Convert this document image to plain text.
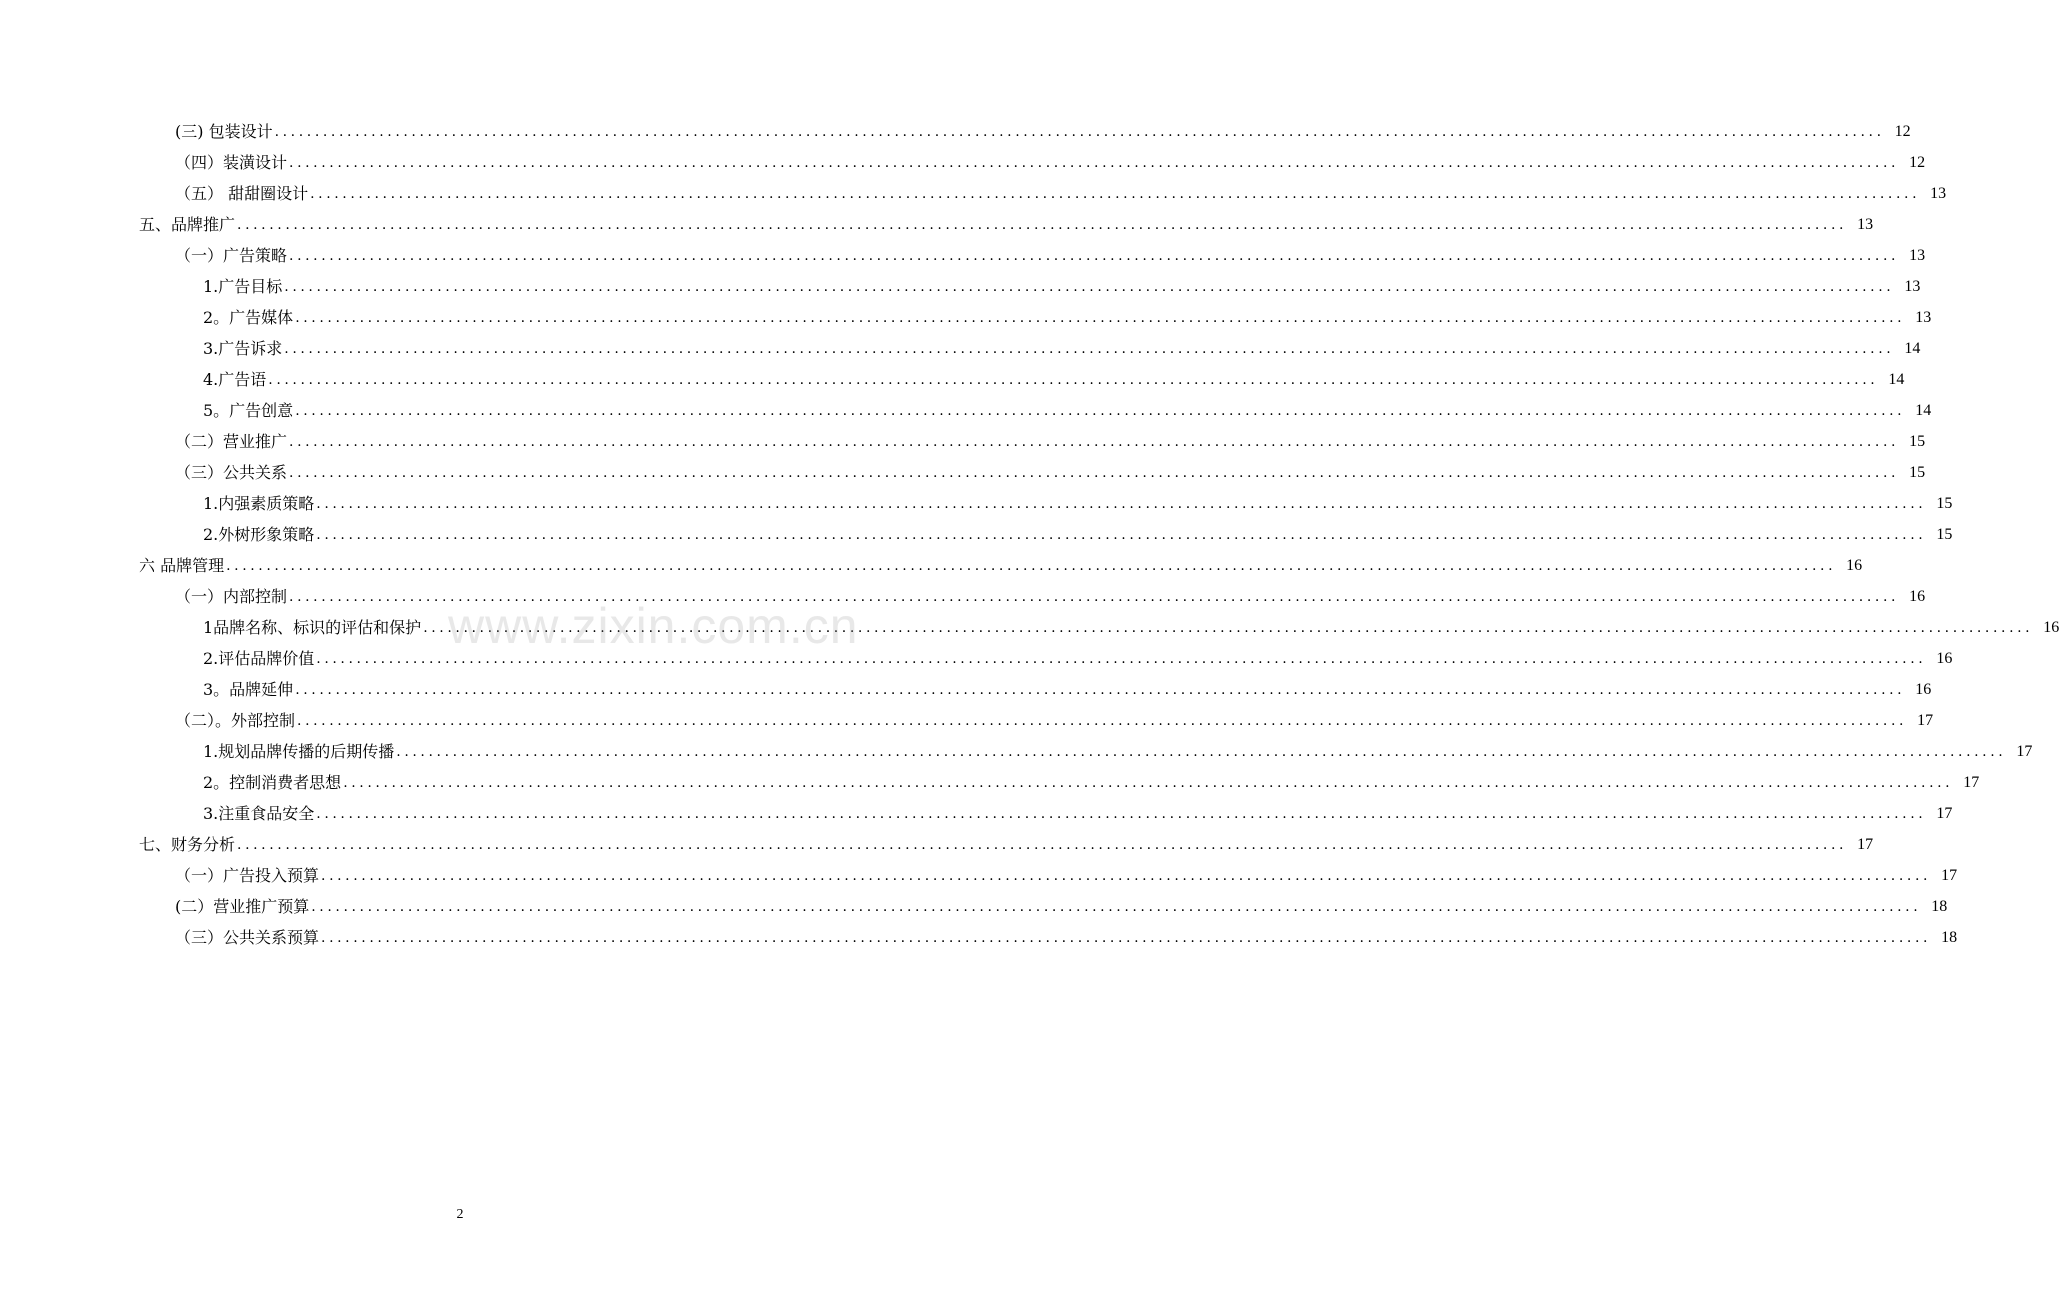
(三) 包装设计 ........................................................................................................................................................................................................ 12
（四）装潢设计 ........................................................................................................................................................................................................ 12
（五） 甜甜圈设计 ........................................................................................................................................................................................................ 13
五、品牌推广 ........................................................................................................................................................................................................ 13
（一）广告策略 ........................................................................................................................................................................................................ 13
1.广告目标 ........................................................................................................................................................................................................ 13
2。广告媒体 ........................................................................................................................................................................................................ 13
3.广告诉求 ........................................................................................................................................................................................................ 14
4.广告语 ........................................................................................................................................................................................................ 14
5。广告创意 ........................................................................................................................................................................................................ 14
（二）营业推广 ........................................................................................................................................................................................................ 15
（三）公共关系 ........................................................................................................................................................................................................ 15
1.内强素质策略 ........................................................................................................................................................................................................ 15
2.外树形象策略 ........................................................................................................................................................................................................ 15
六 品牌管理 ........................................................................................................................................................................................................ 16
（一）内部控制 ........................................................................................................................................................................................................ 16
1品牌名称、标识的评估和保护 ........................................................................................................................................................................................................ 16
2.评估品牌价值 ........................................................................................................................................................................................................ 16
3。品牌延伸 ........................................................................................................................................................................................................ 16
（二）。外部控制 ........................................................................................................................................................................................................ 17
1.规划品牌传播的后期传播 ........................................................................................................................................................................................................ 17
2。控制消费者思想 ........................................................................................................................................................................................................ 17
3.注重食品安全 ........................................................................................................................................................................................................ 17
七、财务分析 ........................................................................................................................................................................................................ 17
（一）广告投入预算 ........................................................................................................................................................................................................ 17
(二）营业推广预算 ........................................................................................................................................................................................................ 18
（三）公共关系预算 ........................................................................................................................................................................................................ 18
www.zixin.com.cn
2
